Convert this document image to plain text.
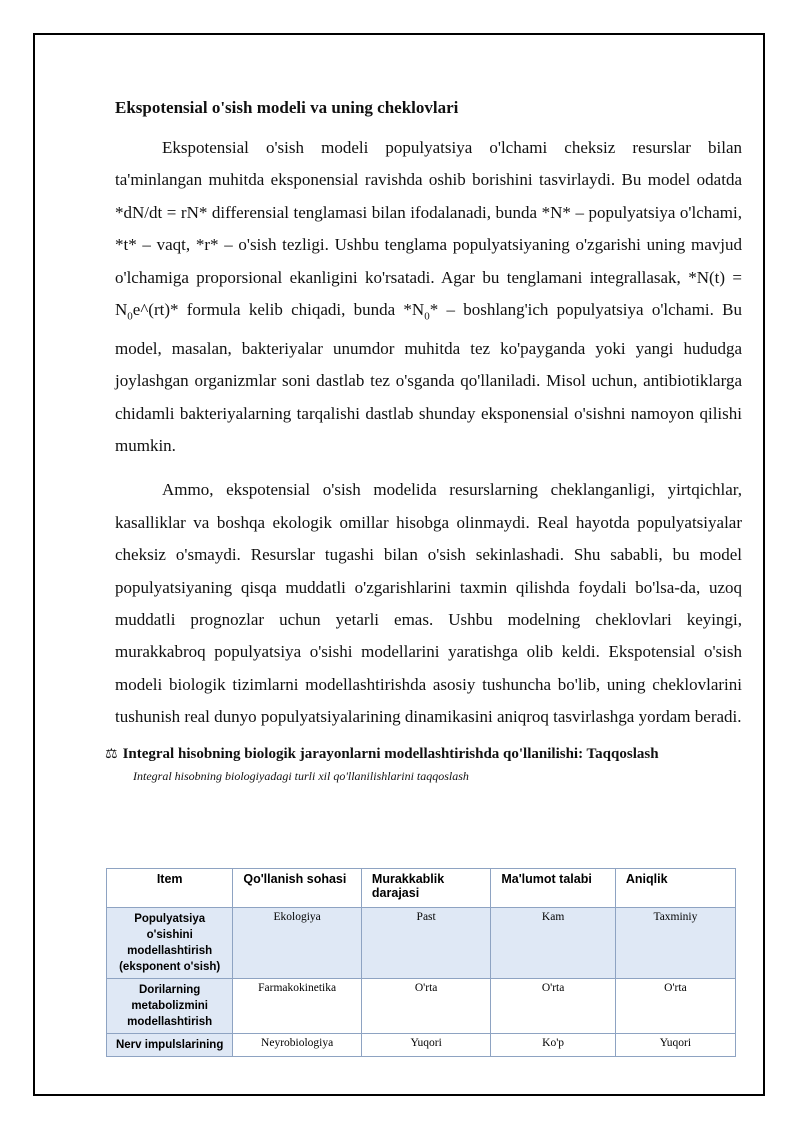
Ekspotensial o'sish modeli va uning cheklovlari

Ekspotensial o'sish modeli populyatsiya o'lchami cheksiz resurslar bilan ta'minlangan muhitda eksponensial ravishda oshib borishini tasvirlaydi. Bu model odatda *dN/dt = rN* differensial tenglamasi bilan ifodalanadi, bunda *N* – populyatsiya o'lchami, *t* – vaqt, *r* – o'sish tezligi. Ushbu tenglama populyatsiyaning o'zgarishi uning mavjud o'lchamiga proporsional ekanligini ko'rsatadi. Agar bu tenglamani integrallasak, $*N(t) = N_0e\^{}(rt)*$ formula kelib chiqadi, bunda $*N_0*$ – boshlang'ich populyatsiya o'lchami. Bu model, masalan, bakteriyalar unumdor muhitda tez ko'payganda yoki yangi hududga joylashgan organizmlar soni dastlab tez o'sganda qo'llaniladi. Misol uchun, antibiotiklarga chidamli bakteriyalarning tarqalishi dastlab shunday eksponensial o'sishni namoyon qilishi mumkin.

Ammo, ekspotensial o'sish modelida resurslarning cheklanganligi, yirtqichlar, kasalliklar va boshqa ekologik omillar hisobga olinmaydi. Real hayotda populyatsiyalar cheksiz o'smaydi. Resurslar tugashi bilan o'sish sekinlashadi. Shu sababli, bu model populyatsiyaning qisqa muddatli o'zgarishlarini taxmin qilishda foydali bo'lsa-da, uzoq muddatli prognozlar uchun yetarli emas. Ushbu modelning cheklovlari keyingi, murakkabroq populyatsiya o'sishi modellarini yaratishga olib keldi. Ekspotensial o'sish modeli biologik tizimlarni modellashtirishda asosiy tushuncha bo'lib, uning cheklovlarini tushunish real dunyo populyatsiyalarining dinamikasini aniqroq tasvirlashga yordam beradi.

⚖ Integral hisobning biologik jarayonlarni modellashtirishda qo'llanilishi: Taqqoslash
Integral hisobning biologiyadagi turli xil qo'llanilishlarini taqqoslash
Item	Qo'llanish sohasi	Murakkablik darajasi	Ma'lumot talabi	Aniqlik
Populyatsiya o'sishini modellashtirish (eksponent o'sish)	Ekologiya	Past	Kam	Taxminiy
Dorilarning metabolizmini modellashtirish	Farmakokinetika	O'rta	O'rta	O'rta
Nerv impulslarining	Neyrobiologiya	Yuqori	Ko'p	Yuqori
